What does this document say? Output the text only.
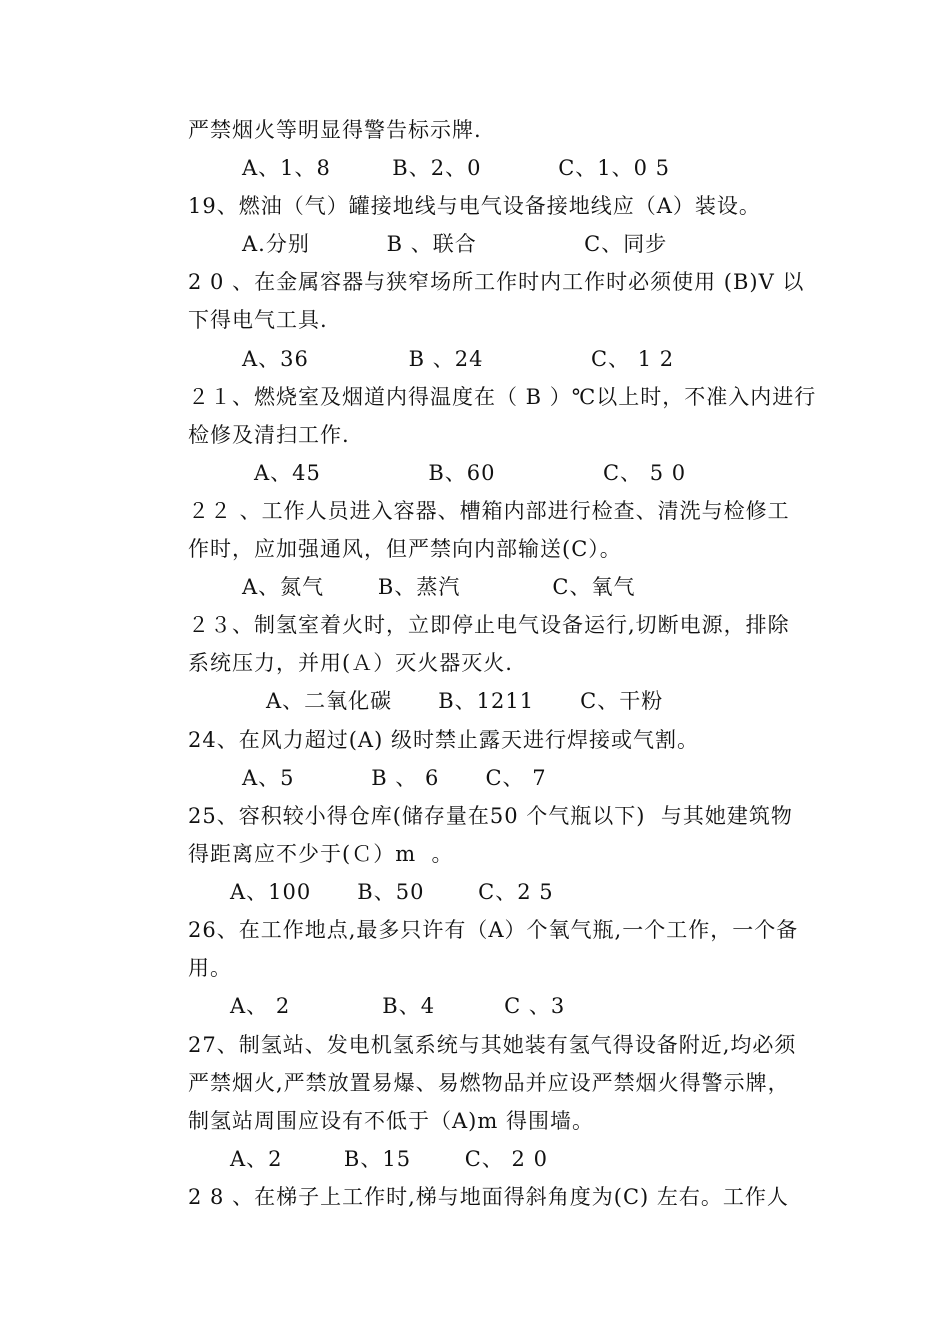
严禁烟火等明显得警告标示牌.
A、1、8        B、2、0          C、1、0 5
19、燃油（气）罐接地线与电气设备接地线应（A）装设。
A.分别          B 、联合              C、同步
2 0 、在金属容器与狭窄场所工作时内工作时必须使用 (B)V 以
下得电气工具.
A、36             B 、24              C、 1 2
２１、燃烧室及烟道内得温度在（ B ）℃以上时，不准入内进行
检修及清扫工作.
A、45              B、60              C、 5 0
２２ 、工作人员进入容器、槽箱内部进行检查、清洗与检修工
作时，应加强通风，但严禁向内部输送(C）。
A、氮气       B、蒸汽            C、氧气
２３、制氢室着火时，立即停止电气设备运行,切断电源，排除
系统压力，并用(Ａ）灭火器灭火.
A、二氧化碳      B、1211      C、干粉
24、在风力超过(A) 级时禁止露天进行焊接或气割。
A、5          B 、 6      C、 7
25、容积较小得仓库(储存量在50 个气瓶以下)  与其她建筑物
得距离应不少于(Ｃ）m  。
A、100      B、50       C、2 5
26、在工作地点,最多只许有（A）个氧气瓶,一个工作，一个备
用。
A、 2            B、4         C 、3
27、制氢站、发电机氢系统与其她装有氢气得设备附近,均必须
严禁烟火,严禁放置易爆、易燃物品并应设严禁烟火得警示牌，
制氢站周围应设有不低于（A)m 得围墙。
A、2        B、15       C、 2 0
2 8 、在梯子上工作时,梯与地面得斜角度为(C) 左右。工作人
